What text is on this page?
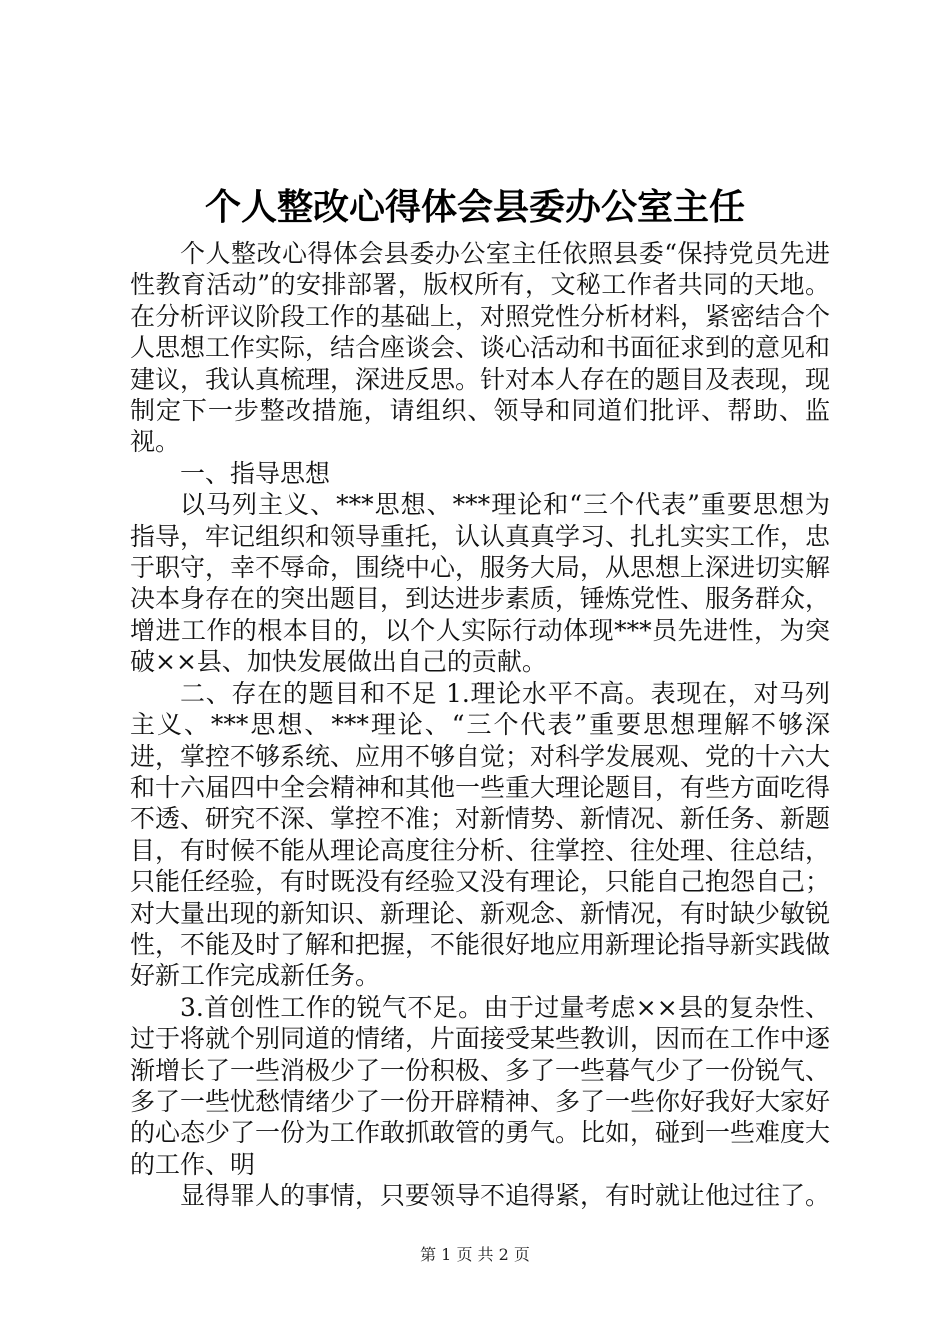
个人整改心得体会县委办公室主任

个人整改心得体会县委办公室主任依照县委“保持党员先进性教育活动”的安排部署，版权所有，文秘工作者共同的天地。在分析评议阶段工作的基础上，对照党性分析材料，紧密结合个人思想工作实际，结合座谈会、谈心活动和书面征求到的意见和建议，我认真梳理，深进反思。针对本人存在的题目及表现，现制定下一步整改措施，请组织、领导和同道们批评、帮助、监视。

一、指导思想

以马列主义、***思想、***理论和“三个代表”重要思想为指导，牢记组织和领导重托，认认真真学习、扎扎实实工作，忠于职守，幸不辱命，围绕中心，服务大局，从思想上深进切实解决本身存在的突出题目，到达进步素质，锤炼党性、服务群众，增进工作的根本目的，以个人实际行动体现***员先进性，为突破××县、加快发展做出自己的贡献。

二、存在的题目和不足 1.理论水平不高。表现在，对马列主义、***思想、***理论、“三个代表”重要思想理解不够深进，掌控不够系统、应用不够自觉；对科学发展观、党的十六大和十六届四中全会精神和其他一些重大理论题目，有些方面吃得不透、研究不深、掌控不准；对新情势、新情况、新任务、新题目，有时候不能从理论高度往分析、往掌控、往处理、往总结，只能任经验，有时既没有经验又没有理论，只能自己抱怨自己；对大量出现的新知识、新理论、新观念、新情况，有时缺少敏锐性，不能及时了解和把握，不能很好地应用新理论指导新实践做好新工作完成新任务。

3.首创性工作的锐气不足。由于过量考虑××县的复杂性、过于将就个别同道的情绪，片面接受某些教训，因而在工作中逐渐增长了一些消极少了一份积极、多了一些暮气少了一份锐气、多了一些忧愁情绪少了一份开辟精神、多了一些你好我好大家好的心态少了一份为工作敢抓敢管的勇气。比如，碰到一些难度大的工作、明

显得罪人的事情，只要领导不追得紧，有时就让他过往了。

第 1 页 共 2 页
